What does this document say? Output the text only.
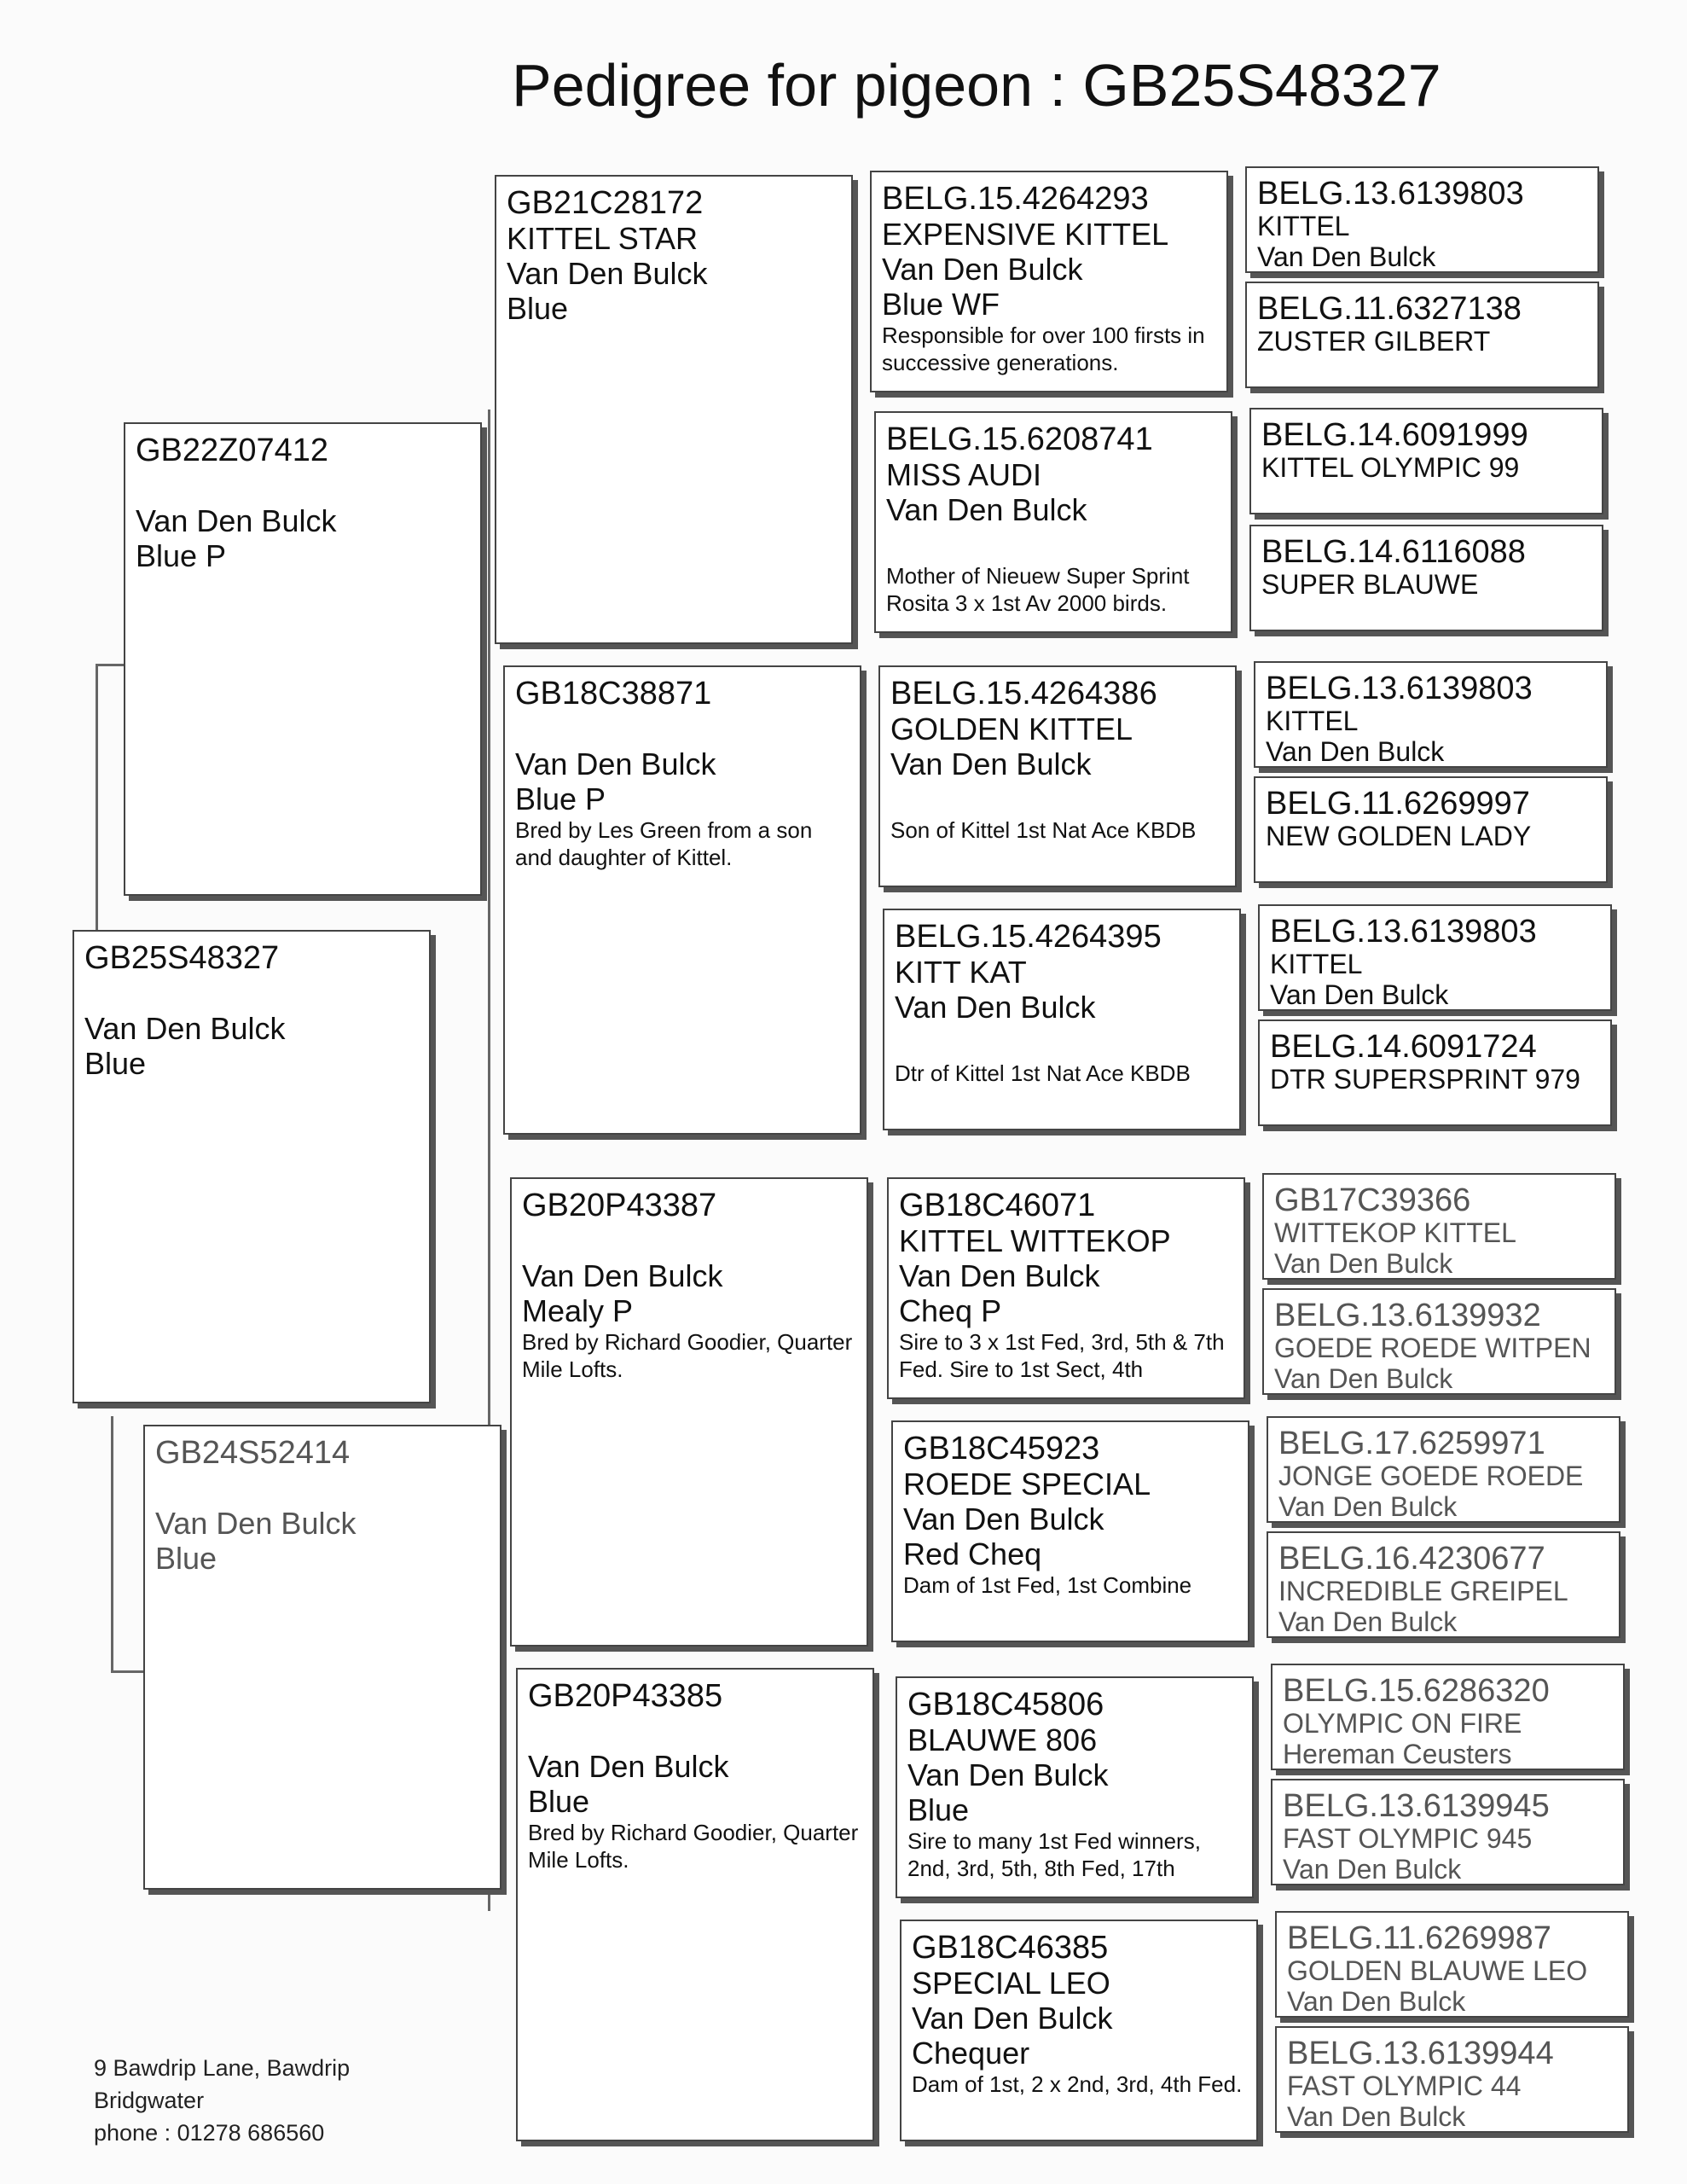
Pedigree for pigeon : GB25S48327
GB25S48327
Van Den Bulck
Blue
GB22Z07412
Van Den Bulck
Blue P
GB24S52414
Van Den Bulck
Blue
GB21C28172
KITTEL STAR
Van Den Bulck
Blue
GB18C38871
Van Den Bulck
Blue P
Bred by Les Green from a son and daughter of Kittel.
GB20P43387
Van Den Bulck
Mealy P
Bred by Richard Goodier, Quarter Mile Lofts.
GB20P43385
Van Den Bulck
Blue
Bred by Richard Goodier, Quarter Mile Lofts.
BELG.15.4264293
EXPENSIVE KITTEL
Van Den Bulck
Blue WF
Responsible for over 100 firsts in successive generations.
BELG.15.6208741
MISS AUDI
Van Den Bulck
Mother of Nieuew Super Sprint Rosita 3 x 1st Av 2000 birds.
BELG.15.4264386
GOLDEN KITTEL
Van Den Bulck
Son of Kittel 1st Nat Ace KBDB
BELG.15.4264395
KITT KAT
Van Den Bulck
Dtr of Kittel 1st Nat Ace KBDB
GB18C46071
KITTEL WITTEKOP
Van Den Bulck
Cheq P
Sire to 3 x 1st Fed, 3rd, 5th & 7th Fed. Sire to 1st Sect, 4th
GB18C45923
ROEDE SPECIAL
Van Den Bulck
Red Cheq
Dam of 1st Fed, 1st Combine
GB18C45806
BLAUWE 806
Van Den Bulck
Blue
Sire to many 1st Fed winners, 2nd, 3rd, 5th, 8th Fed, 17th
GB18C46385
SPECIAL LEO
Van Den Bulck
Chequer
Dam of 1st, 2 x 2nd, 3rd, 4th Fed.
BELG.13.6139803
KITTEL
Van Den Bulck
BELG.11.6327138
ZUSTER GILBERT
BELG.14.6091999
KITTEL OLYMPIC 99
BELG.14.6116088
SUPER BLAUWE
BELG.13.6139803
KITTEL
Van Den Bulck
BELG.11.6269997
NEW GOLDEN LADY
BELG.13.6139803
KITTEL
Van Den Bulck
BELG.14.6091724
DTR SUPERSPRINT 979
GB17C39366
WITTEKOP KITTEL
Van Den Bulck
BELG.13.6139932
GOEDE ROEDE WITPEN
Van Den Bulck
BELG.17.6259971
JONGE GOEDE ROEDE
Van Den Bulck
BELG.16.4230677
INCREDIBLE GREIPEL
Van Den Bulck
BELG.15.6286320
OLYMPIC ON FIRE
Hereman Ceusters
BELG.13.6139945
FAST OLYMPIC 945
Van Den Bulck
BELG.11.6269987
GOLDEN BLAUWE LEO
Van Den Bulck
BELG.13.6139944
FAST OLYMPIC 44
Van Den Bulck
9 Bawdrip Lane, Bawdrip
Bridgwater
phone : 01278 686560
